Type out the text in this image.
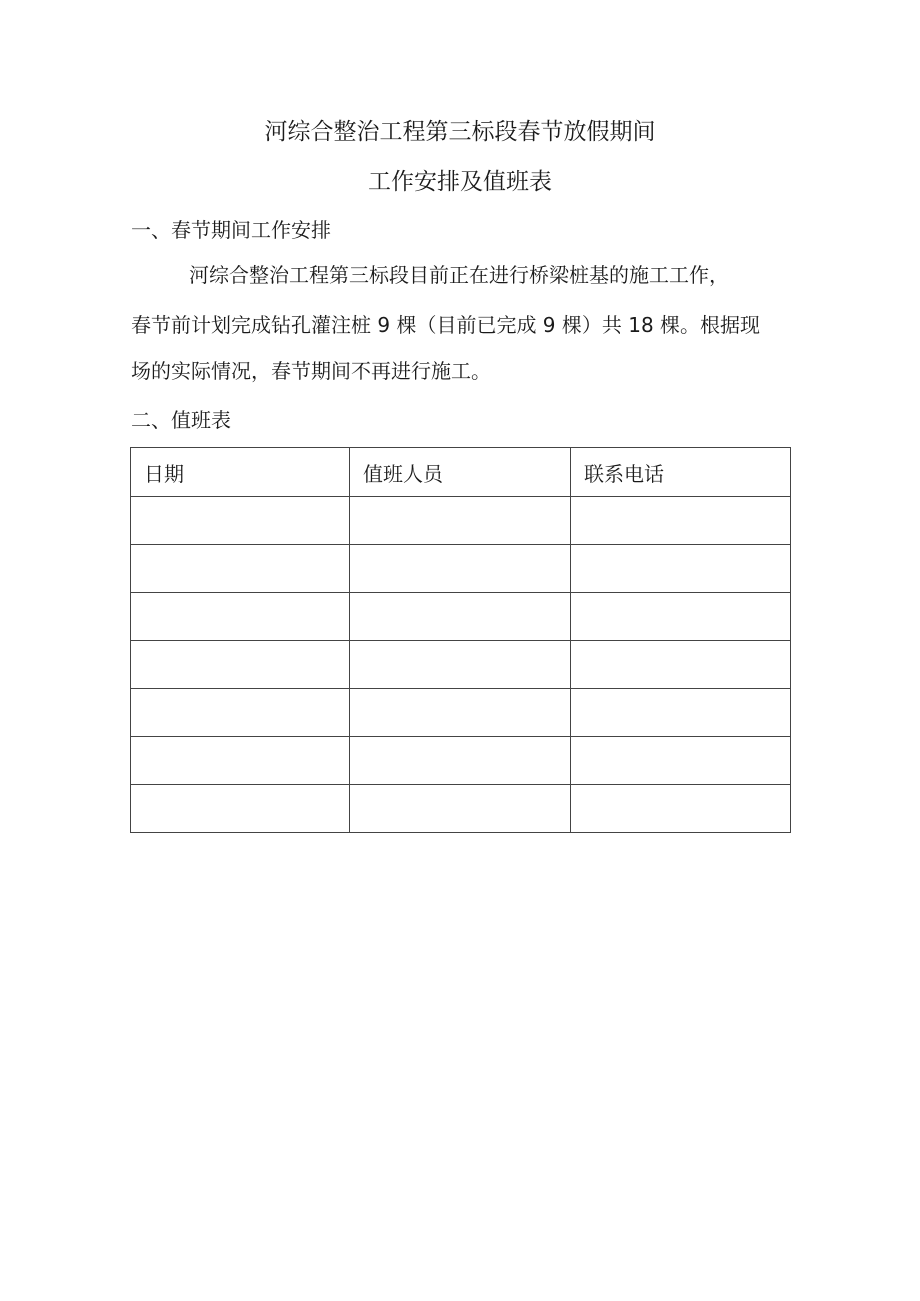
河综合整治工程第三标段春节放假期间
工作安排及值班表
一、春节期间工作安排

河综合整治工程第三标段目前正在进行桥梁桩基的施工工作，

春节前计划完成钻孔灌注桩 9 棵（目前已完成 9 棵）共 18 棵。根据现

场的实际情况，春节期间不再进行施工。

二、值班表
日期	值班人员	联系电话
